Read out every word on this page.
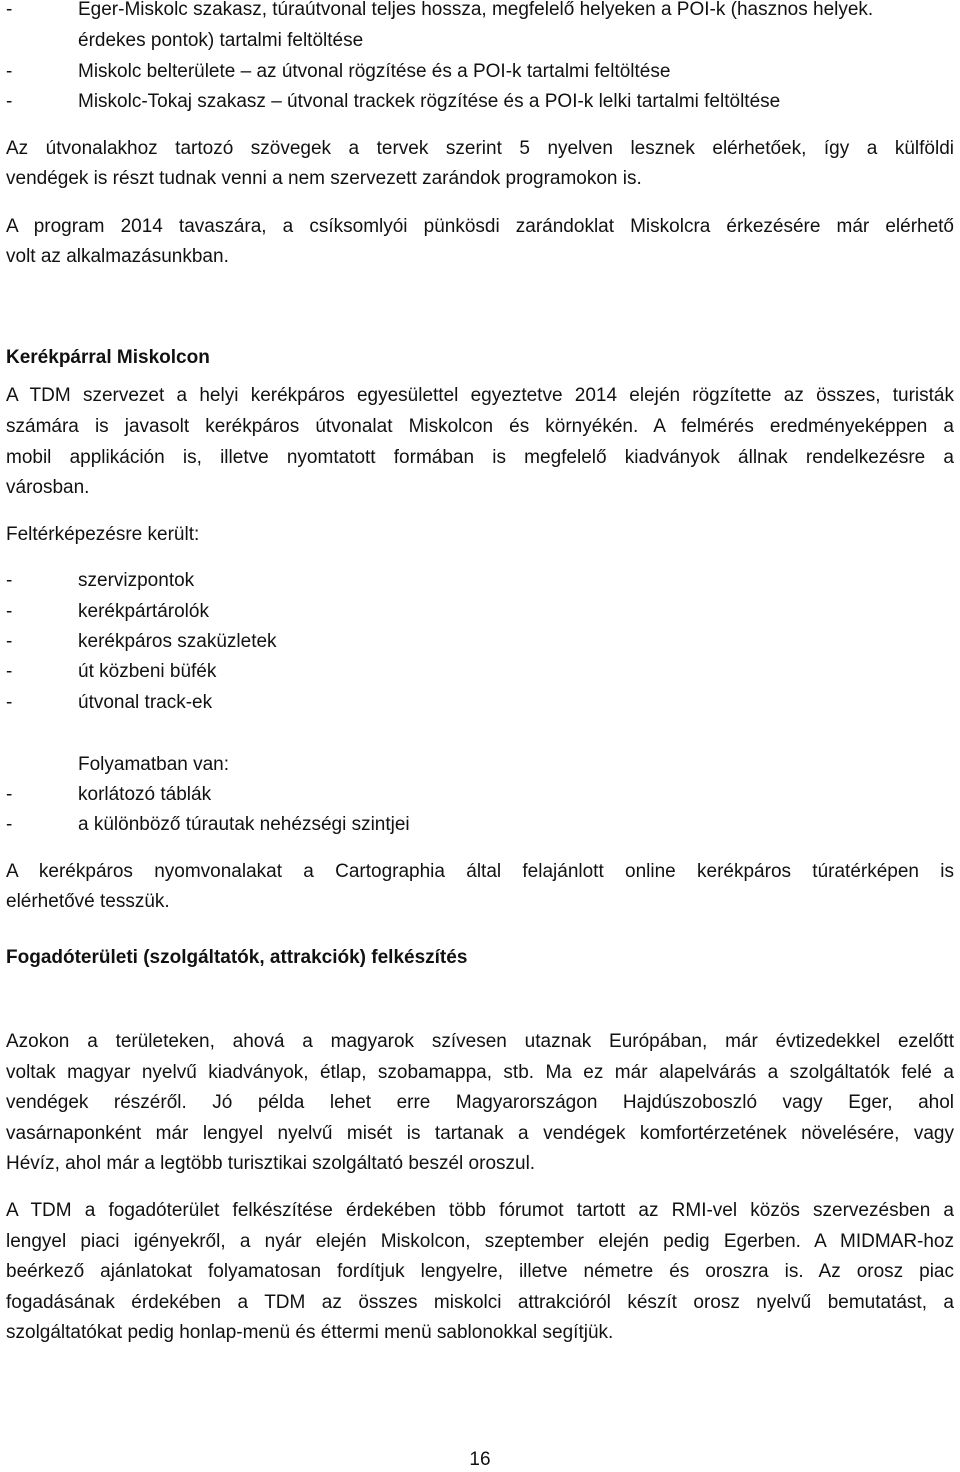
-	Eger-Miskolc szakasz, túraútvonal teljes hossza, megfelelő helyeken a POI-k (hasznos helyek.
érdekes pontok) tartalmi feltöltése
-	Miskolc belterülete – az útvonal rögzítése és a POI-k tartalmi feltöltése
-	Miskolc-Tokaj szakasz – útvonal trackek rögzítése és a POI-k lelki tartalmi feltöltése
Az útvonalakhoz tartozó szövegek a tervek szerint 5 nyelven lesznek elérhetőek, így a külföldi
vendégek is részt tudnak venni a nem szervezett zarándok programokon is.
A program 2014 tavaszára, a csíksomlyói pünkösdi zarándoklat Miskolcra érkezésére már elérhető
volt az alkalmazásunkban.
Kerékpárral Miskolcon
A TDM szervezet a helyi kerékpáros egyesülettel egyeztetve 2014 elején rögzítette az összes, turisták
számára is javasolt kerékpáros útvonalat Miskolcon és környékén. A felmérés eredményeképpen a
mobil applikáción is, illetve nyomtatott formában is megfelelő kiadványok állnak rendelkezésre a
városban.
Feltérképezésre került:
-	szervizpontok
-	kerékpártárolók
-	kerékpáros szaküzletek
-	út közbeni büfék
-	útvonal track-ek
Folyamatban van:
-	korlátozó táblák
-	a különböző túrautak nehézségi szintjei
A kerékpáros nyomvonalakat a Cartographia által felajánlott online kerékpáros túratérképen is
elérhetővé tesszük.
Fogadóterületi (szolgáltatók, attrakciók) felkészítés
Azokon a területeken, ahová a magyarok szívesen utaznak Európában, már évtizedekkel ezelőtt
voltak magyar nyelvű kiadványok, étlap, szobamappa, stb. Ma ez már alapelvárás a szolgáltatók felé a
vendégek részéről. Jó példa lehet erre Magyarországon Hajdúszoboszló vagy Eger, ahol
vasárnaponként már lengyel nyelvű misét is tartanak a vendégek komfortérzetének növelésére, vagy
Hévíz, ahol már a legtöbb turisztikai szolgáltató beszél oroszul.
A TDM a fogadóterület felkészítése érdekében több fórumot tartott az RMI-vel közös szervezésben a
lengyel piaci igényekről, a nyár elején Miskolcon, szeptember elején pedig Egerben. A MIDMAR-hoz
beérkező ajánlatokat folyamatosan fordítjuk lengyelre, illetve németre és oroszra is. Az orosz piac
fogadásának érdekében a TDM az összes miskolci attrakcióról készít orosz nyelvű bemutatást, a
szolgáltatókat pedig honlap-menü és éttermi menü sablonokkal segítjük.
16
